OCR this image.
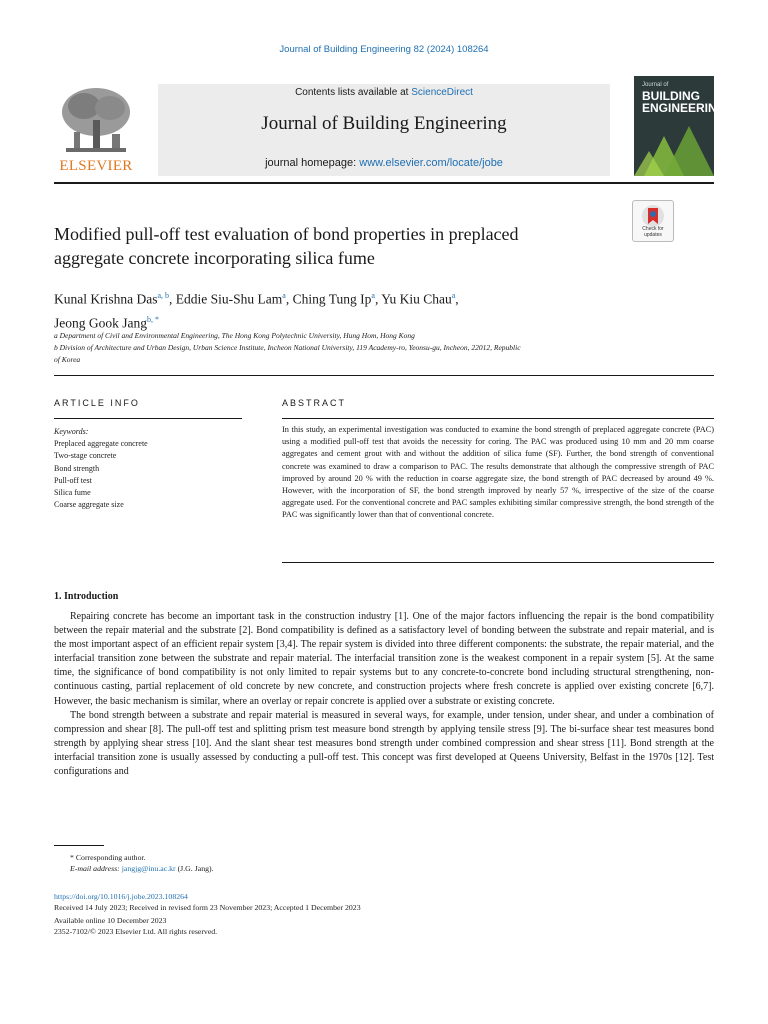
Journal of Building Engineering 82 (2024) 108264
ELSEVIER
Contents lists available at ScienceDirect
Journal of Building Engineering
journal homepage: www.elsevier.com/locate/jobe
Journal of
BUILDING
ENGINEERING
Modified pull-off test evaluation of bond properties in preplaced
aggregate concrete incorporating silica fume
Check for
updates
Kunal Krishna Das$^{a, b}$, Eddie Siu-Shu Lam$^a$, Ching Tung Ip$^a$, Yu Kiu Chau$^a$,
Jeong Gook Jang$^{b, *}$
a Department of Civil and Environmental Engineering, The Hong Kong Polytechnic University, Hung Hom, Hong Kong
b Division of Architecture and Urban Design, Urban Science Institute, Incheon National University, 119 Academy-ro, Yeonsu-gu, Incheon, 22012, Republic
of Korea
ARTICLE INFO	ABSTRACT
Keywords:
Preplaced aggregate concrete
Two-stage concrete
Bond strength
Pull-off test
Silica fume
Coarse aggregate size
In this study, an experimental investigation was conducted to examine the bond strength of preplaced aggregate concrete (PAC) using a modified pull-off test that avoids the necessity for coring. The PAC was produced using 10 mm and 20 mm coarse aggregates and cement grout with and without the addition of silica fume (SF). Further, the bond strength of conventional concrete was examined to draw a comparison to PAC. The results demonstrate that although the compressive strength of PAC improved by around 20 % with the reduction in coarse aggregate size, the bond strength of PAC decreased by around 49 %. However, with the incorporation of SF, the bond strength improved by nearly 57 %, irrespective of the size of the coarse aggregate used. For the conventional concrete and PAC samples exhibiting similar compressive strength, the bond strength of the PAC was significantly lower than that of conventional concrete.
1. Introduction

Repairing concrete has become an important task in the construction industry [1]. One of the major factors influencing the repair is the bond compatibility between the repair material and the substrate [2]. Bond compatibility is defined as a satisfactory level of bonding between the substrate and repair material, and is the most important aspect of an efficient repair system [3,4]. The repair system is divided into three different components: the substrate, the repair material, and the interfacial transition zone between the substrate and repair material. The interfacial transition zone is the weakest component in a repair system [5]. At the same time, the significance of bond compatibility is not only limited to repair systems but to any concrete-to-concrete bond including structural strengthening, non-continuous casting, partial replacement of old concrete by new concrete, and construction projects where fresh concrete is applied over existing concrete [6,7]. However, the basic mechanism is similar, where an overlay or repair concrete is applied over a substrate or existing concrete.

The bond strength between a substrate and repair material is measured in several ways, for example, under tension, under shear, and under a combination of compression and shear [8]. The pull-off test and splitting prism test measure bond strength by applying tensile stress [9]. The bi-surface shear test measures bond strength by applying shear stress [10]. And the slant shear test measures bond strength under combined compression and shear stress [11]. Bond strength at the interfacial transition zone is usually assessed by conducting a pull-off test. This concept was first developed at Queens University, Belfast in the 1970s [12]. Test configurations and

* Corresponding author.
E-mail address: jangjg@inu.ac.kr (J.G. Jang).
https://doi.org/10.1016/j.jobe.2023.108264
Received 14 July 2023; Received in revised form 23 November 2023; Accepted 1 December 2023
Available online 10 December 2023
2352-7102/© 2023 Elsevier Ltd. All rights reserved.
